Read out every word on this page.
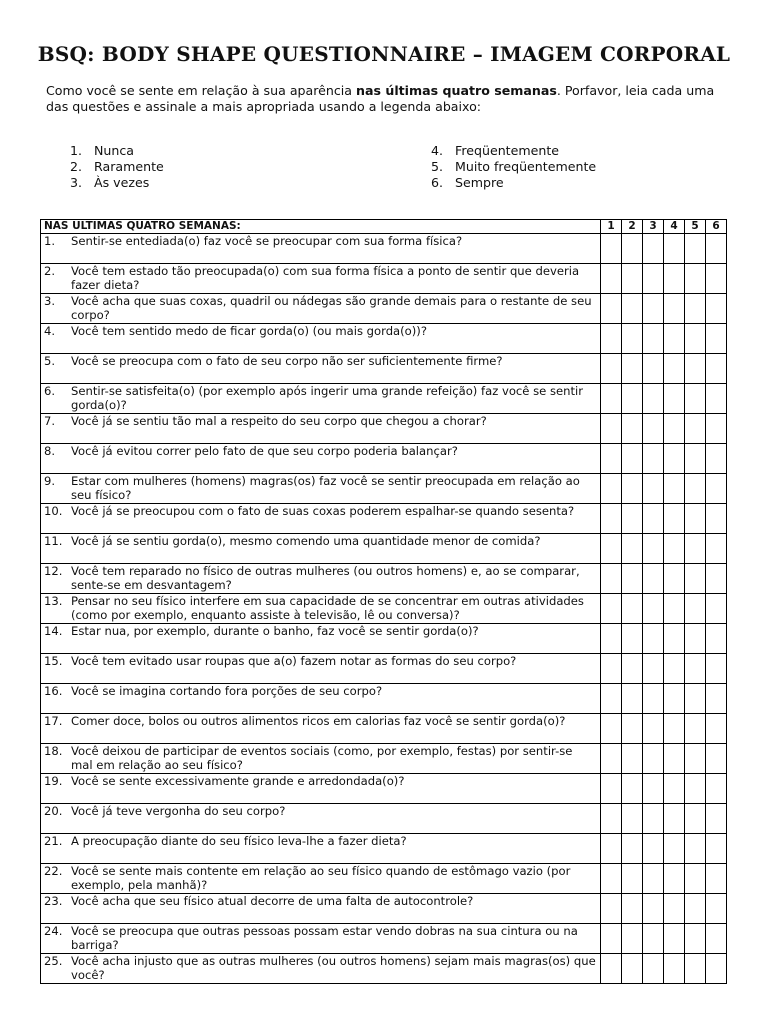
BSQ: BODY SHAPE QUESTIONNAIRE – IMAGEM CORPORAL

Como você se sente em relação à sua aparência nas últimas quatro semanas. Porfavor, leia cada uma das questões e assinale a mais apropriada usando a legenda abaixo:

1. Nunca
2. Raramente
3. Às vezes
4. Freqüentemente
5. Muito freqüentemente
6. Sempre
NAS ULTIMAS QUATRO SEMANAS:	1	2	3	4	5	6

1. Sentir-se entediada(o) faz você se preocupar com sua forma física?						

2. Você tem estado tão preocupada(o) com sua forma física a ponto de sentir que deveria fazer dieta?						

3. Você acha que suas coxas, quadril ou nádegas são grande demais para o restante de seu corpo?						

4. Você tem sentido medo de ficar gorda(o) (ou mais gorda(o))?						

5. Você se preocupa com o fato de seu corpo não ser suficientemente firme?						

6. Sentir-se satisfeita(o) (por exemplo após ingerir uma grande refeição) faz você se sentir gorda(o)?						

7. Você já se sentiu tão mal a respeito do seu corpo que chegou a chorar?						

8. Você já evitou correr pelo fato de que seu corpo poderia balançar?						

9. Estar com mulheres (homens) magras(os) faz você se sentir preocupada em relação ao seu físico?						

10. Você já se preocupou com o fato de suas coxas poderem espalhar-se quando sesenta?						

11. Você já se sentiu gorda(o), mesmo comendo uma quantidade menor de comida?						

12. Você tem reparado no físico de outras mulheres (ou outros homens) e, ao se comparar, sente-se em desvantagem?						

13. Pensar no seu físico interfere em sua capacidade de se concentrar em outras atividades (como por exemplo, enquanto assiste à televisão, lê ou conversa)?						

14. Estar nua, por exemplo, durante o banho, faz você se sentir gorda(o)?						

15. Você tem evitado usar roupas que a(o) fazem notar as formas do seu corpo?						

16. Você se imagina cortando fora porções de seu corpo?						

17. Comer doce, bolos ou outros alimentos ricos em calorias faz você se sentir gorda(o)?						

18. Você deixou de participar de eventos sociais (como, por exemplo, festas) por sentir-se mal em relação ao seu físico?						

19. Você se sente excessivamente grande e arredondada(o)?						

20. Você já teve vergonha do seu corpo?						

21. A preocupação diante do seu físico leva-lhe a fazer dieta?						

22. Você se sente mais contente em relação ao seu físico quando de estômago vazio (por exemplo, pela manhã)?						

23. Você acha que seu físico atual decorre de uma falta de autocontrole?						

24. Você se preocupa que outras pessoas possam estar vendo dobras na sua cintura ou na barriga?						

25. Você acha injusto que as outras mulheres (ou outros homens) sejam mais magras(os) que você?						
